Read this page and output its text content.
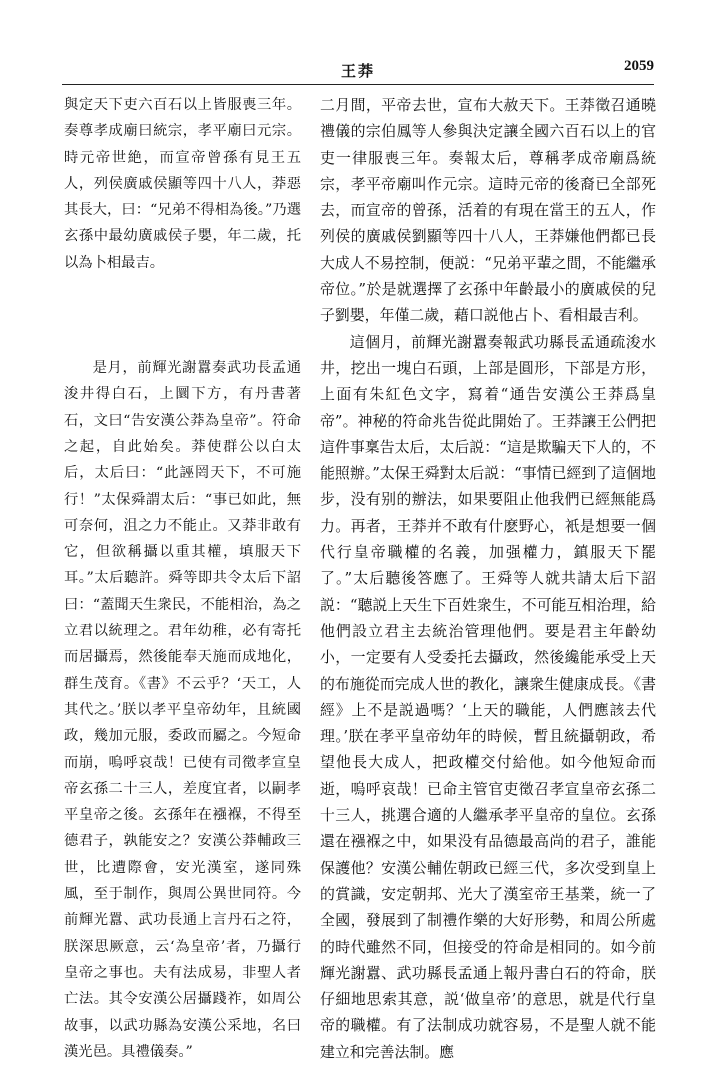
王莽	2059

與定天下吏六百石以上皆服喪三年。奏尊孝成廟曰統宗，孝平廟曰元宗。時元帝世絶，而宣帝曾孫有見王五人，列侯廣戚侯顯等四十八人，莽惡其長大，曰：“兄弟不得相為後。”乃選玄孫中最幼廣戚侯子嬰，年二歲，托以為卜相最吉。

是月，前輝光謝囂奏武功長孟通浚井得白石，上圜下方，有丹書著石，文曰“告安漢公莽為皇帝”。符命之起，自此始矣。莽使群公以白太后，太后曰：“此誣罔天下，不可施行！”太保舜謂太后：“事已如此，無可奈何，沮之力不能止。又莽非敢有它，但欲稱攝以重其權，填服天下耳。”太后聽許。舜等即共令太后下詔曰：“蓋聞天生衆民，不能相治，為之立君以統理之。君年幼稚，必有寄托而居攝焉，然後能奉天施而成地化，群生茂育。《書》不云乎？‘天工，人其代之。’朕以孝平皇帝幼年，且統國政，幾加元服，委政而屬之。今短命而崩，嗚呼哀哉！已使有司徵孝宣皇帝玄孫二十三人，差度宜者，以嗣孝平皇帝之後。玄孫年在襁褓，不得至德君子，孰能安之？安漢公莽輔政三世，比遭際會，安光漢室，遂同殊風，至于制作，與周公異世同符。今前輝光囂、武功長通上言丹石之符，朕深思厥意，云‘為皇帝’者，乃攝行皇帝之事也。夫有法成易，非聖人者亡法。其令安漢公居攝踐祚，如周公故事，以武功縣為安漢公采地，名曰漢光邑。具禮儀奏。”

二月間，平帝去世，宣布大赦天下。王莽徵召通曉禮儀的宗伯鳳等人參與決定讓全國六百石以上的官吏一律服喪三年。奏報太后，尊稱孝成帝廟爲統宗，孝平帝廟叫作元宗。這時元帝的後裔已全部死去，而宣帝的曾孫，活着的有現在當王的五人，作列侯的廣戚侯劉顯等四十八人，王莽嫌他們都已長大成人不易控制，便説：“兄弟平輩之間，不能繼承帝位。”於是就選擇了玄孫中年齡最小的廣戚侯的兒子劉嬰，年僅二歲，藉口説他占卜、看相最吉利。

這個月，前輝光謝囂奏報武功縣長孟通疏浚水井，挖出一塊白石頭，上部是圓形，下部是方形，上面有朱紅色文字，寫着“通告安漢公王莽爲皇帝”。神秘的符命兆告從此開始了。王莽讓王公們把這件事稟告太后，太后説：“這是欺騙天下人的，不能照辦。”太保王舜對太后説：“事情已經到了這個地步，没有别的辦法，如果要阻止他我們已經無能爲力。再者，王莽并不敢有什麽野心，衹是想要一個代行皇帝職權的名義，加强權力，鎮服天下罷了。”太后聽後答應了。王舜等人就共請太后下詔説：“聽説上天生下百姓衆生，不可能互相治理，給他們設立君主去統治管理他們。要是君主年齡幼小，一定要有人受委托去攝政，然後纔能承受上天的布施從而完成人世的教化，讓衆生健康成長。《書經》上不是説過嗎？‘上天的職能，人們應該去代理。’朕在孝平皇帝幼年的時候，暫且統攝朝政，希望他長大成人，把政權交付給他。如今他短命而逝，嗚呼哀哉！已命主管官吏徵召孝宣皇帝玄孫二十三人，挑選合適的人繼承孝平皇帝的皇位。玄孫還在襁褓之中，如果没有品德最高尚的君子，誰能保護他？安漢公輔佐朝政已經三代，多次受到皇上的賞識，安定朝邦、光大了漢室帝王基業，統一了全國，發展到了制禮作樂的大好形勢，和周公所處的時代雖然不同，但接受的符命是相同的。如今前輝光謝囂、武功縣長孟通上報丹書白石的符命，朕仔細地思索其意，説‘做皇帝’的意思，就是代行皇帝的職權。有了法制成功就容易，不是聖人就不能建立和完善法制。應
